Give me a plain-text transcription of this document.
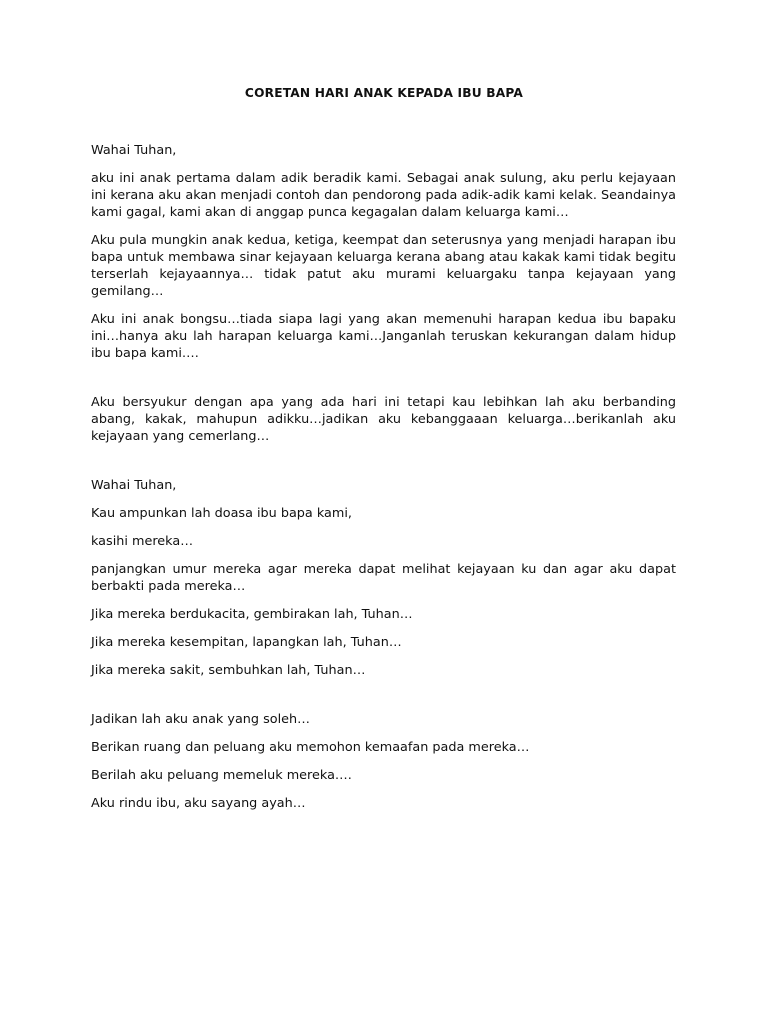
CORETAN HARI ANAK KEPADA IBU BAPA

Wahai Tuhan,

aku ini anak pertama dalam adik beradik kami. Sebagai anak sulung, aku perlu kejayaan ini kerana aku akan menjadi contoh dan pendorong pada adik-adik kami kelak. Seandainya kami gagal, kami akan di anggap punca kegagalan dalam keluarga kami…

Aku pula mungkin anak kedua, ketiga, keempat dan seterusnya yang menjadi harapan ibu bapa untuk membawa sinar kejayaan keluarga kerana abang atau kakak kami tidak begitu terserlah kejayaannya… tidak patut aku murami keluargaku tanpa kejayaan yang gemilang…

Aku ini anak bongsu…tiada siapa lagi yang akan memenuhi harapan kedua ibu bapaku ini…hanya aku lah harapan keluarga kami…Janganlah teruskan kekurangan dalam hidup ibu bapa kami….

Aku bersyukur dengan apa yang ada hari ini tetapi kau lebihkan lah aku berbanding abang, kakak, mahupun adikku…jadikan aku kebanggaaan keluarga…berikanlah aku kejayaan yang cemerlang…

Wahai Tuhan,

Kau ampunkan lah doasa ibu bapa kami,

kasihi mereka…

panjangkan umur mereka agar mereka dapat melihat kejayaan ku dan agar aku dapat berbakti pada mereka…

Jika mereka berdukacita, gembirakan lah, Tuhan…

Jika mereka kesempitan, lapangkan lah, Tuhan…

Jika mereka sakit, sembuhkan lah, Tuhan…

Jadikan lah aku anak yang soleh…

Berikan ruang dan peluang aku memohon kemaafan pada mereka…

Berilah aku peluang memeluk mereka….

Aku rindu ibu, aku sayang ayah…
